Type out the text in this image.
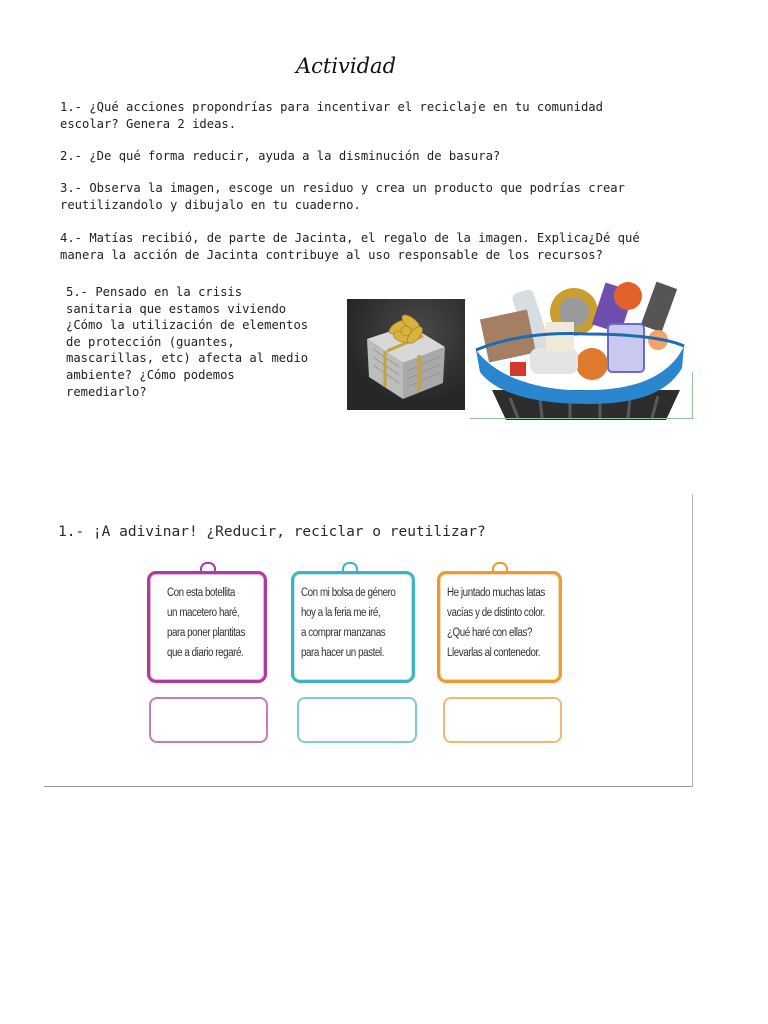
Actividad
1.- ¿Qué acciones propondrías para incentivar el reciclaje en tu comunidad
escolar? Genera 2 ideas.
2.- ¿De qué forma reducir, ayuda a la disminución de basura?
3.- Observa la imagen, escoge un residuo y crea un producto que podrías crear
reutilizandolo y dibujalo en tu cuaderno.
4.- Matías recibió, de parte de Jacinta, el regalo de la imagen. Explica¿Dé qué
manera la acción de Jacinta contribuye al uso responsable de los recursos?
5.- Pensado en la crisis
sanitaria que estamos viviendo
¿Cómo la utilización de elementos
de protección (guantes,
mascarillas, etc) afecta al medio
ambiente? ¿Cómo podemos
remediarlo?
1.- ¡A adivinar! ¿Reducir, reciclar o reutilizar?
Con esta botellita
un macetero haré,
para poner plantitas
que a diario regaré.
Con mi bolsa de género
hoy a la feria me iré,
a comprar manzanas
para hacer un pastel.
He juntado muchas latas
vacías y de distinto color.
¿Qué haré con ellas?
Llevarlas al contenedor.
